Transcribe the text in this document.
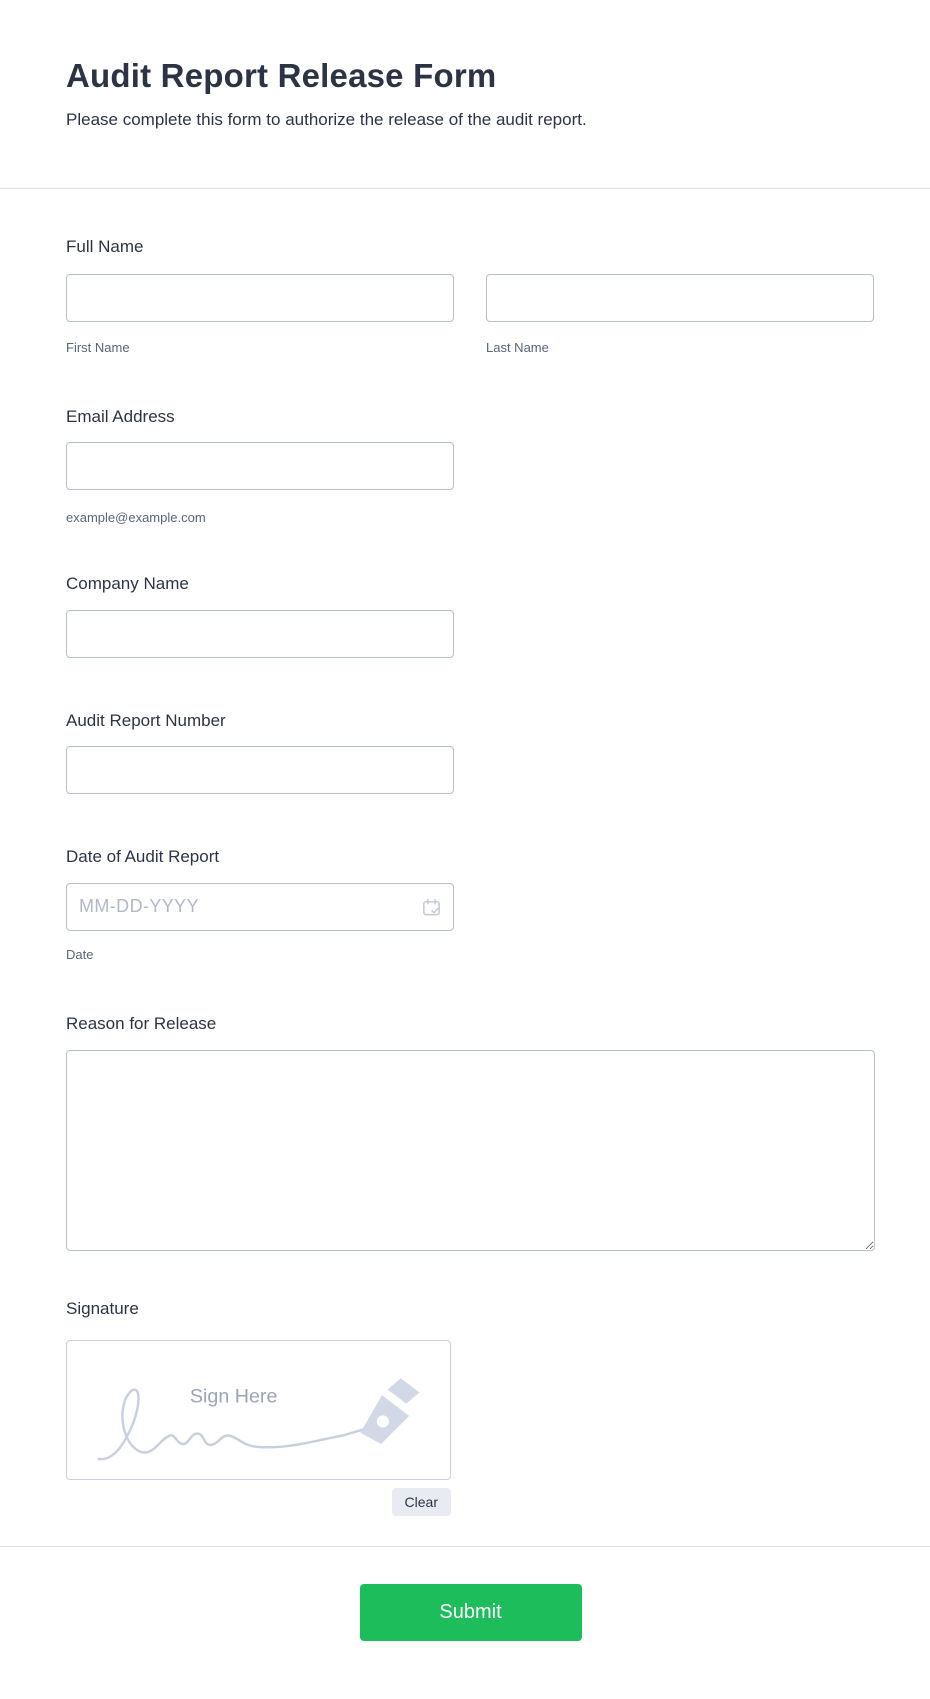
Audit Report Release Form
Please complete this form to authorize the release of the audit report.
Full Name
First Name	Last Name
Email Address
example@example.com
Company Name
Audit Report Number
Date of Audit Report
MM-DD-YYYY
Date
Reason for Release
Signature
Sign Here
Clear
Submit
